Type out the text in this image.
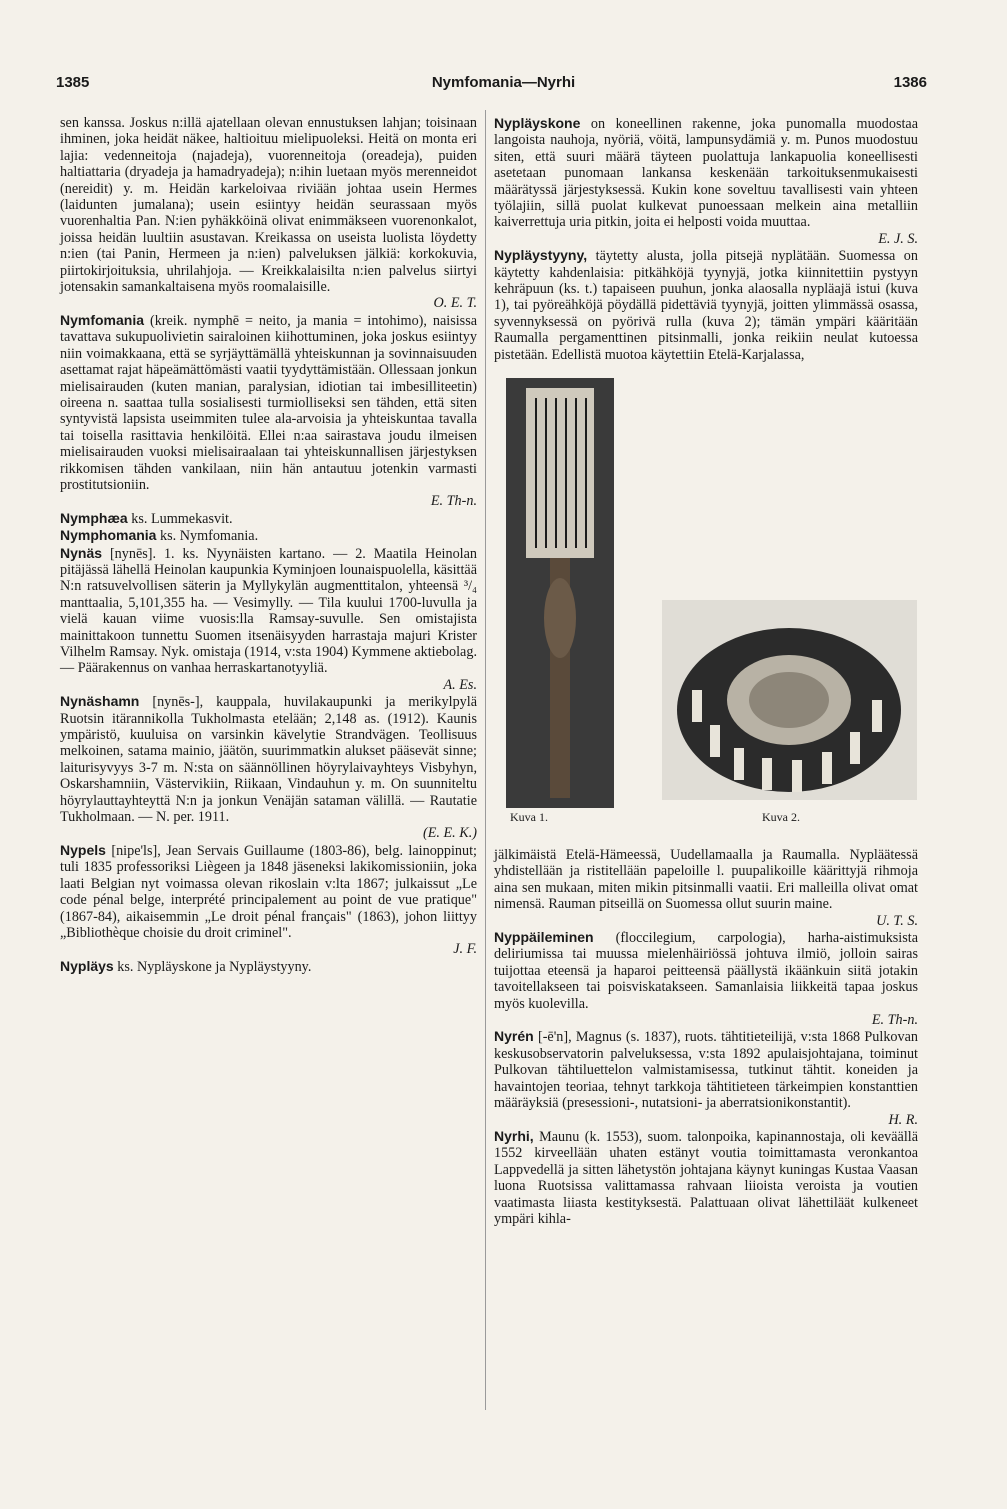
1385	Nymfomania—Nyrhi	1386

sen kanssa. Joskus n:illä ajatellaan olevan ennustuksen lahjan; toisinaan ihminen, joka heidät näkee, haltioituu mielipuoleksi. Heitä on monta eri lajia: vedenneitoja (najadeja), vuorenneitoja (oreadeja), puiden haltiattaria (dryadeja ja hamadryadeja); n:ihin luetaan myös merenneidot (nereidit) y. m. Heidän karkeloivaa riviään johtaa usein Hermes (laidunten jumalana); usein esiintyy heidän seurassaan myös vuorenhaltia Pan. N:ien pyhäkköinä olivat enimmäkseen vuorenonkalot, joissa heidän luultiin asustavan. Kreikassa on useista luolista löydetty n:ien (tai Panin, Hermeen ja n:ien) palveluksen jälkiä: korkokuvia, piirtokirjoituksia, uhrilahjoja. — Kreikkalaisilta n:ien palvelus siirtyi jotensakin samankaltaisena myös roomalaisille.
O. E. T.

Nymfomania (kreik. nymphē = neito, ja mania = intohimo), naisissa tavattava sukupuolivietin sairaloinen kiihottuminen, joka joskus esiintyy niin voimakkaana, että se syrjäyttämällä yhteiskunnan ja sovinnaisuuden asettamat rajat häpeämättömästi vaatii tyydyttämistään. Ollessaan jonkun mielisairauden (kuten manian, paralysian, idiotian tai imbesilliteetin) oireena n. saattaa tulla sosialisesti turmiolliseksi sen tähden, että siten syntyvistä lapsista useimmiten tulee ala-arvoisia ja yhteiskuntaa tavalla tai toisella rasittavia henkilöitä. Ellei n:aa sairastava joudu ilmeisen mielisairauden vuoksi mielisairaalaan tai yhteiskunnallisen järjestyksen rikkomisen tähden vankilaan, niin hän antautuu jotenkin varmasti prostitutsioniin.
E. Th-n.

Nymphæa ks. Lummekasvit.

Nymphomania ks. Nymfomania.

Nynäs [nynēs]. 1. ks. Nyynäisten kartano. — 2. Maatila Heinolan pitäjässä lähellä Heinolan kaupunkia Kyminjoen lounaispuolella, käsittää N:n ratsuvelvollisen säterin ja Myllykylän augmenttitalon, yhteensä ³/₄ manttaalia, 5,101,355 ha. — Vesimylly. — Tila kuului 1700-luvulla ja vielä kauan viime vuosis:lla Ramsay-suvulle. Sen omistajista mainittakoon tunnettu Suomen itsenäisyyden harrastaja majuri Krister Vilhelm Ramsay. Nyk. omistaja (1914, v:sta 1904) Kymmene aktiebolag. — Päärakennus on vanhaa herraskartanotyyliä.
A. Es.

Nynäshamn [nynēs-], kauppala, huvilakaupunki ja merikylpylä Ruotsin itärannikolla Tukholmasta etelään; 2,148 as. (1912). Kaunis ympäristö, kuuluisa on varsinkin kävelytie Strandvägen. Teollisuus melkoinen, satama mainio, jäätön, suurimmatkin alukset pääsevät sinne; laiturisyvyys 3-7 m. N:sta on säännöllinen höyrylaivayhteys Visbyhyn, Oskarshamniin, Västervikiin, Riikaan, Vindauhun y. m. On suunniteltu höyrylauttayhteyttä N:n ja jonkun Venäjän sataman välillä. — Rautatie Tukholmaan. — N. per. 1911.
(E. E. K.)

Nypels [nipe'ls], Jean Servais Guillaume (1803-86), belg. lainoppinut; tuli 1835 professoriksi Liègeen ja 1848 jäseneksi lakikomissioniin, joka laati Belgian nyt voimassa olevan rikoslain v:lta 1867; julkaissut „Le code pénal belge, interprété principalement au point de vue pratique" (1867-84), aikaisemmin „Le droit pénal français" (1863), johon liittyy „Bibliothèque choisie du droit criminel".
J. F.

Nypläys ks. Nypläyskone ja Nypläystyyny.

Nypläyskone on koneellinen rakenne, joka punomalla muodostaa langoista nauhoja, nyöriä, vöitä, lampunsydämiä y. m. Punos muodostuu siten, että suuri määrä täyteen puolattuja lankapuolia koneellisesti asetetaan punomaan lankansa keskenään tarkoituksenmukaisesti määrätyssä järjestyksessä. Kukin kone soveltuu tavallisesti vain yhteen työlajiin, sillä puolat kulkevat punoessaan melkein aina metalliin kaiverrettuja uria pitkin, joita ei helposti voida muuttaa.
E. J. S.

Nypläystyyny, täytetty alusta, jolla pitsejä nyplätään. Suomessa on käytetty kahdenlaisia: pitkähköjä tyynyjä, jotka kiinnitettiin pystyyn kehräpuun (ks. t.) tapaiseen puuhun, jonka alaosalla nypläajä istui (kuva 1), tai pyöreähköjä pöydällä pidettäviä tyynyjä, joitten ylimmässä osassa, syvennyksessä on pyörivä rulla (kuva 2); tämän ympäri kääritään Raumalla pergamenttinen pitsinmalli, jonka reikiin neulat kutoessa pistetään. Edellistä muotoa käytettiin Etelä-Karjalassa,

Kuva 1.	Kuva 2.

jälkimäistä Etelä-Hämeessä, Uudellamaalla ja Raumalla. Nypläätessä yhdistellään ja ristitellään papeloille l. puupalikoille käärittyjä rihmoja aina sen mukaan, miten mikin pitsinmalli vaatii. Eri malleilla olivat omat nimensä. Rauman pitseillä on Suomessa ollut suurin maine.
U. T. S.

Nyppäileminen (floccilegium, carpologia), harha-aistimuksista deliriumissa tai muussa mielenhäiriössä johtuva ilmiö, jolloin sairas tuijottaa eteensä ja haparoi peitteensä päällystä ikäänkuin siitä jotakin tavoitellakseen tai poisviskatakseen. Samanlaisia liikkeitä tapaa joskus myös kuolevilla.
E. Th-n.

Nyrén [-ē'n], Magnus (s. 1837), ruots. tähtitieteilijä, v:sta 1868 Pulkovan keskusobservatorin palveluksessa, v:sta 1892 apulaisjohtajana, toiminut Pulkovan tähtiluettelon valmistamisessa, tutkinut tähtit. koneiden ja havaintojen teoriaa, tehnyt tarkkoja tähtitieteen tärkeimpien konstanttien määräyksiä (presessioni-, nutatsioni- ja aberratsionikonstantit).
H. R.

Nyrhi, Maunu (k. 1553), suom. talonpoika, kapinannostaja, oli keväällä 1552 kirveellään uhaten estänyt voutia toimittamasta veronkantoa Lappvedellä ja sitten lähetystön johtajana käynyt kuningas Kustaa Vaasan luona Ruotsissa valittamassa rahvaan liioista veroista ja voutien vaatimasta liiasta kestityksestä. Palattuaan olivat lähettiläät kulkeneet ympäri kihla-
